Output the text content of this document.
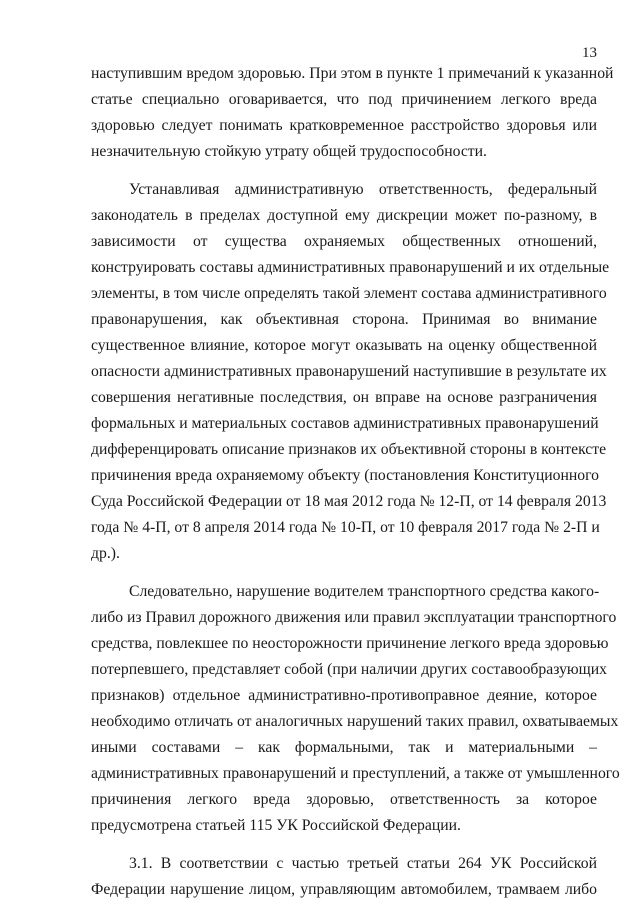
13
наступившим вредом здоровью. При этом в пункте 1 примечаний к указанной
статье специально оговаривается, что под причинением легкого вреда
здоровью следует понимать кратковременное расстройство здоровья или
незначительную стойкую утрату общей трудоспособности.
Устанавливая административную ответственность, федеральный
законодатель в пределах доступной ему дискреции может по-разному, в
зависимости от существа охраняемых общественных отношений,
конструировать составы административных правонарушений и их отдельные
элементы, в том числе определять такой элемент состава административного
правонарушения, как объективная сторона. Принимая во внимание
существенное влияние, которое могут оказывать на оценку общественной
опасности административных правонарушений наступившие в результате их
совершения негативные последствия, он вправе на основе разграничения
формальных и материальных составов административных правонарушений
дифференцировать описание признаков их объективной стороны в контексте
причинения вреда охраняемому объекту (постановления Конституционного
Суда Российской Федерации от 18 мая 2012 года № 12-П, от 14 февраля 2013
года № 4-П, от 8 апреля 2014 года № 10-П, от 10 февраля 2017 года № 2-П и
др.).
Следовательно, нарушение водителем транспортного средства какого-
либо из Правил дорожного движения или правил эксплуатации транспортного
средства, повлекшее по неосторожности причинение легкого вреда здоровью
потерпевшего, представляет собой (при наличии других составообразующих
признаков) отдельное административно-противоправное деяние, которое
необходимо отличать от аналогичных нарушений таких правил, охватываемых
иными составами – как формальными, так и материальными –
административных правонарушений и преступлений, а также от умышленного
причинения легкого вреда здоровью, ответственность за которое
предусмотрена статьей 115 УК Российской Федерации.
3.1. В соответствии с частью третьей статьи 264 УК Российской
Федерации нарушение лицом, управляющим автомобилем, трамваем либо
